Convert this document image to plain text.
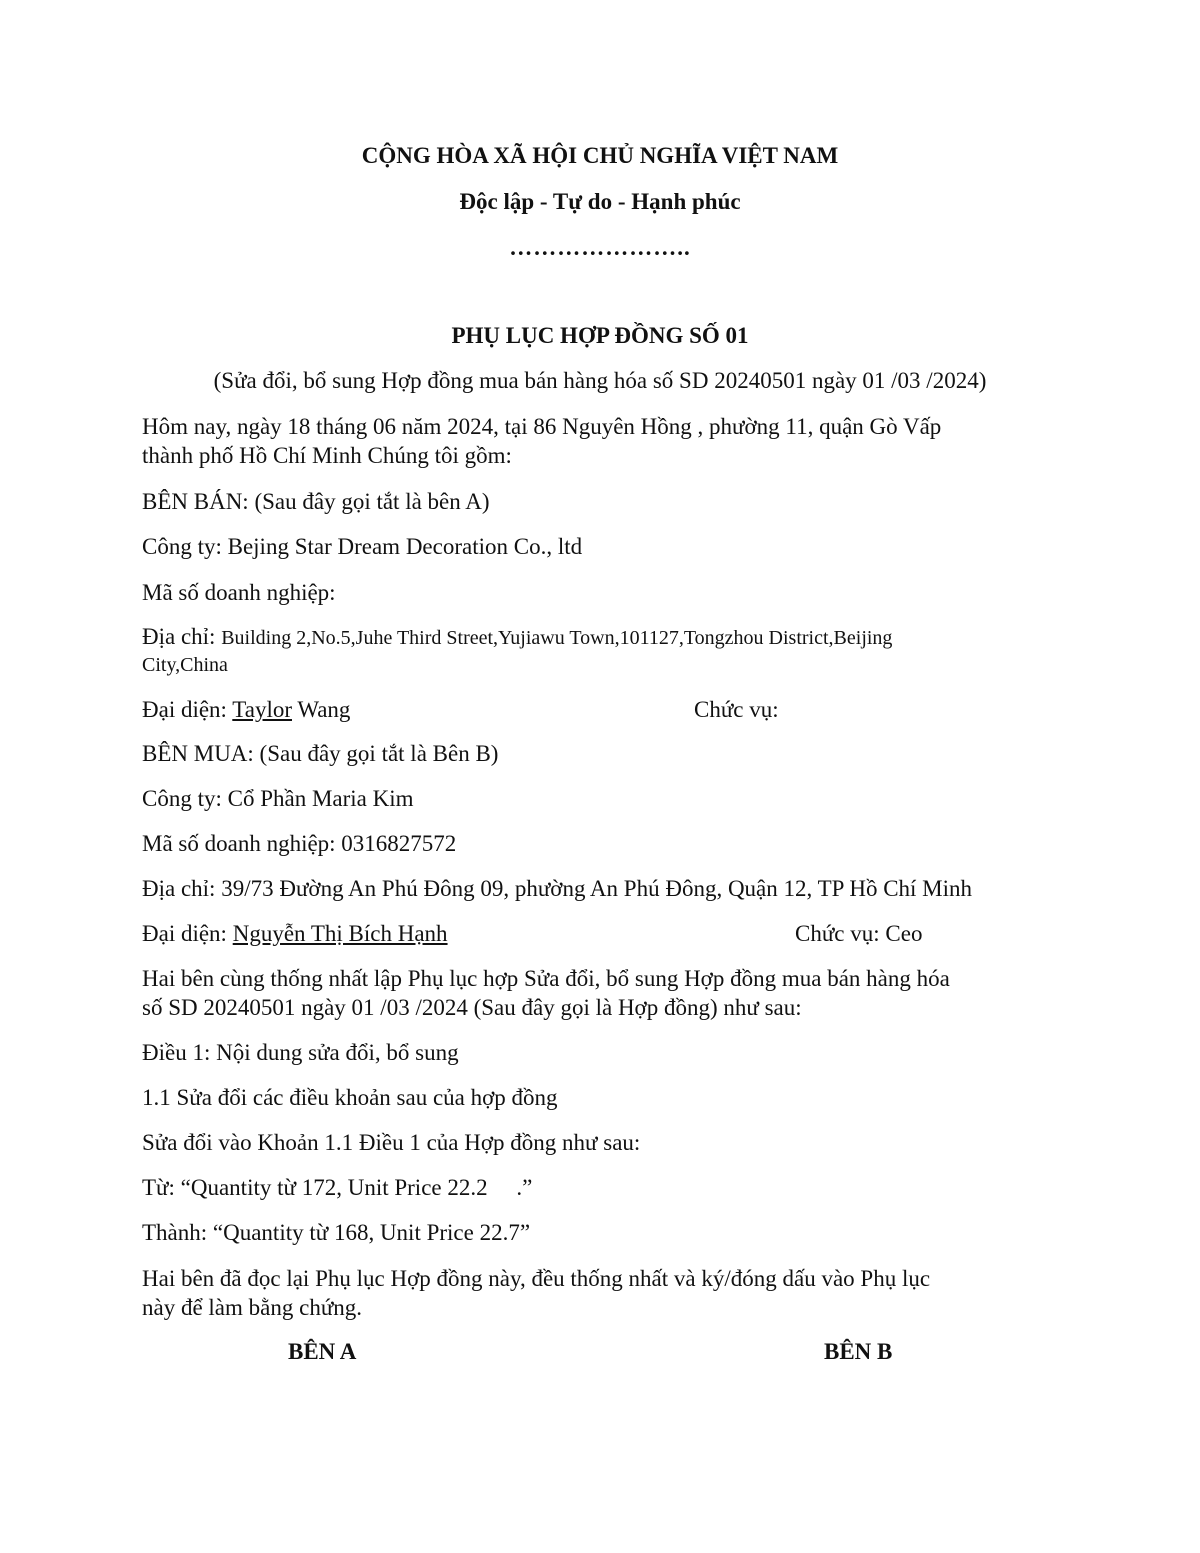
CỘNG HÒA XÃ HỘI CHỦ NGHĨA VIỆT NAM
Độc lập - Tự do - Hạnh phúc
…………………..
PHỤ LỤC HỢP ĐỒNG SỐ 01
(Sửa đổi, bổ sung Hợp đồng mua bán hàng hóa số SD 20240501 ngày 01 /03 /2024)
Hôm nay, ngày 18 tháng 06 năm 2024, tại 86 Nguyên Hồng , phường 11, quận Gò Vấp
thành phố Hồ Chí Minh Chúng tôi gồm:
BÊN BÁN: (Sau đây gọi tắt là bên A)
Công ty: Bejing Star Dream Decoration Co., ltd
Mã số doanh nghiệp:
Địa chỉ: Building 2,No.5,Juhe Third Street,Yujiawu Town,101127,Tongzhou District,Beijing
City,China
Đại diện: Taylor Wang	Chức vụ:
BÊN MUA: (Sau đây gọi tắt là Bên B)
Công ty: Cổ Phần Maria Kim
Mã số doanh nghiệp: 0316827572
Địa chỉ: 39/73 Đường An Phú Đông 09, phường An Phú Đông, Quận 12, TP Hồ Chí Minh
Đại diện: Nguyễn Thị Bích Hạnh	Chức vụ: Ceo
Hai bên cùng thống nhất lập Phụ lục hợp Sửa đổi, bổ sung Hợp đồng mua bán hàng hóa
số SD 20240501 ngày 01 /03 /2024 (Sau đây gọi là Hợp đồng) như sau:
Điều 1: Nội dung sửa đổi, bổ sung
1.1 Sửa đổi các điều khoản sau của hợp đồng
Sửa đổi vào Khoản 1.1 Điều 1 của Hợp đồng như sau:
Từ: “Quantity từ 172, Unit Price 22.2     .”
Thành: “Quantity từ 168, Unit Price 22.7”
Hai bên đã đọc lại Phụ lục Hợp đồng này, đều thống nhất và ký/đóng dấu vào Phụ lục
này để làm bằng chứng.
BÊN A	BÊN B
